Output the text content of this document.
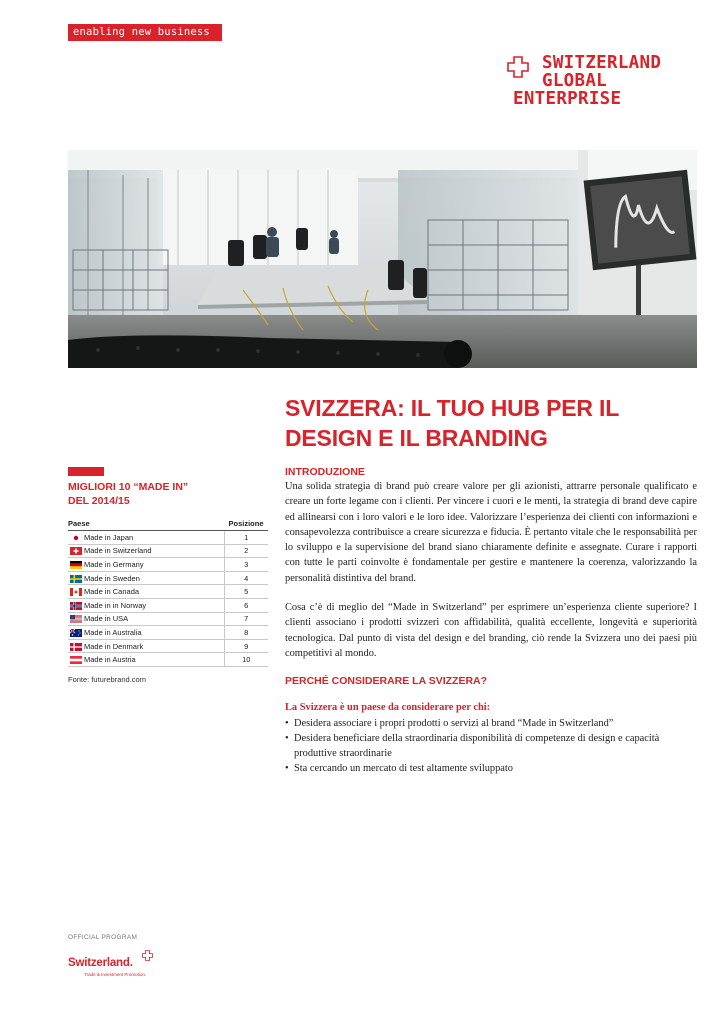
enabling new business
SWITZERLAND
GLOBAL
ENTERPRISE
SVIZZERA: IL TUO HUB PER IL
DESIGN E IL BRANDING
MIGLIORI 10 “MADE IN”
DEL 2014/15
Paese		Posizione
	Made in Japan	1
	Made in Switzerland	2
	Made in Germany	3
	Made in Sweden	4
	Made in Canada	5
	Made in in Norway	6
	Made in USA	7
	Made in Australia	8
	Made in Denmark	9
	Made in Austria	10
Fonte: futurebrand.com

INTRODUZIONE

Una solida strategia di brand può creare valore per gli azionisti, attrarre personale qualificato e creare un forte legame con i clienti. Per vincere i cuori e le menti, la strategia di brand deve capire ed allinearsi con i loro valori e le loro idee. Valorizzare l’esperienza dei clienti con informazioni e consapevolezza contribuisce a creare sicurezza e fiducia. È pertanto vitale che le responsabilità per lo sviluppo e la supervisione del brand siano chiaramente definite e assegnate. Curare i rapporti con tutte le parti coinvolte è fondamentale per gestire e mantenere la coerenza, valorizzando la personalità distintiva del brand.

Cosa c’è di meglio del “Made in Switzerland” per esprimere un’esperienza cliente superiore? I clienti associano i prodotti svizzeri con affidabilità, qualità eccellente, longevità e superiorità tecnologica. Dal punto di vista del design e del branding, ciò rende la Svizzera uno dei paesi più competitivi al mondo.

PERCHÉ CONSIDERARE LA SVIZZERA?

La Svizzera è un paese da considerare per chi:

• Desidera associare i propri prodotti o servizi al brand “Made in Switzerland”
• Desidera beneficiare della straordinaria disponibilità di competenze di design e capacità produttive straordinarie
• Sta cercando un mercato di test altamente sviluppato
OFFICIAL PROGRAM
Switzerland.
Trade & Investment Promotion.
